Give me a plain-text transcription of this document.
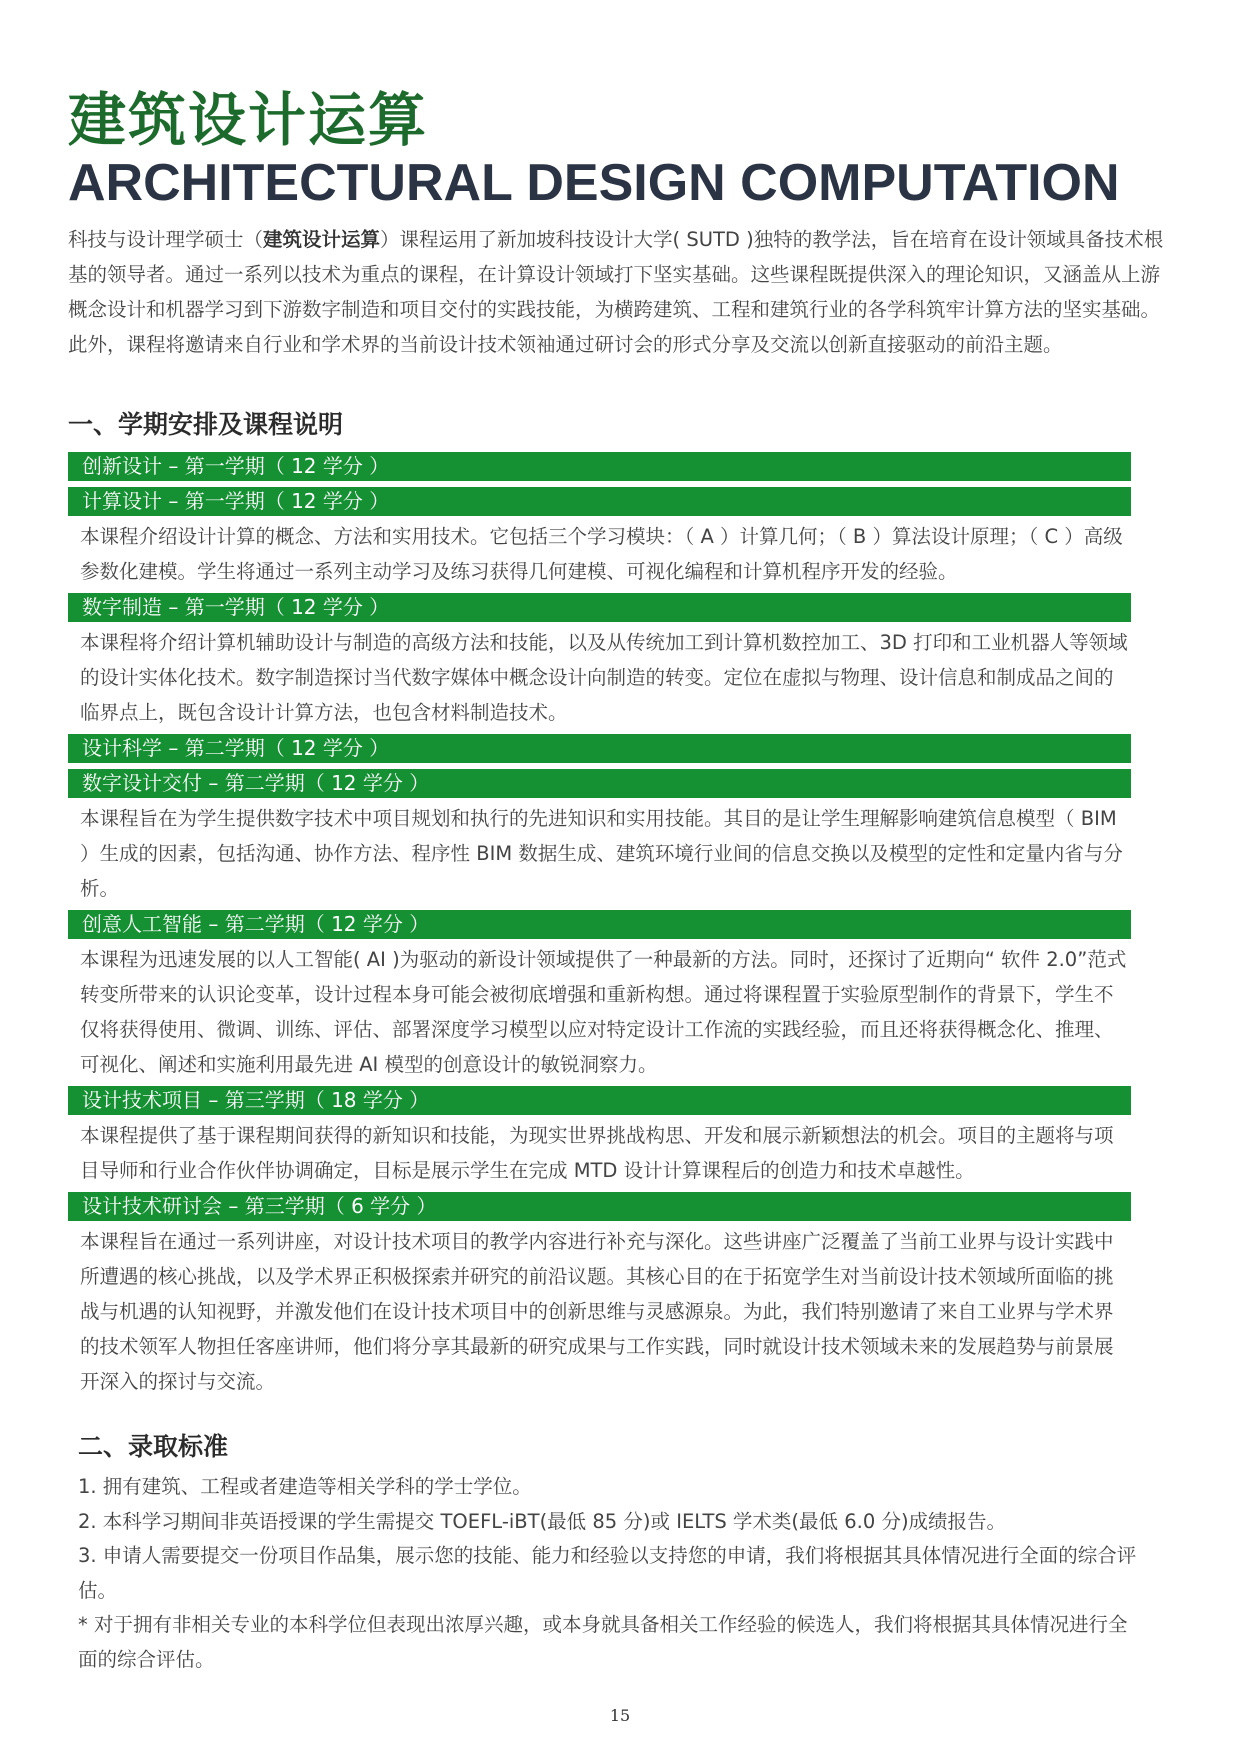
建筑设计运算
ARCHITECTURAL DESIGN COMPUTATION

科技与设计理学硕士（建筑设计运算）课程运用了新加坡科技设计大学( SUTD )独特的教学法，旨在培育在设计领域具备技术根基的领导者。通过一系列以技术为重点的课程，在计算设计领域打下坚实基础。这些课程既提供深入的理论知识，又涵盖从上游概念设计和机器学习到下游数字制造和项目交付的实践技能，为横跨建筑、工程和建筑行业的各学科筑牢计算方法的坚实基础。此外，课程将邀请来自行业和学术界的当前设计技术领袖通过研讨会的形式分享及交流以创新直接驱动的前沿主题。

一、学期安排及课程说明
创新设计 – 第一学期（ 12 学分 ）
计算设计 – 第一学期（ 12 学分 ）
本课程介绍设计计算的概念、方法和实用技术。它包括三个学习模块：（ A ）计算几何；（ B ）算法设计原理；（ C ）高级参数化建模。学生将通过一系列主动学习及练习获得几何建模、可视化编程和计算机程序开发的经验。
数字制造 – 第一学期（ 12 学分 ）
本课程将介绍计算机辅助设计与制造的高级方法和技能，以及从传统加工到计算机数控加工、3D 打印和工业机器人等领域的设计实体化技术。数字制造探讨当代数字媒体中概念设计向制造的转变。定位在虚拟与物理、设计信息和制成品之间的临界点上，既包含设计计算方法，也包含材料制造技术。
设计科学 – 第二学期（ 12 学分 ）
数字设计交付 – 第二学期（ 12 学分 ）
本课程旨在为学生提供数字技术中项目规划和执行的先进知识和实用技能。其目的是让学生理解影响建筑信息模型（ BIM ）生成的因素，包括沟通、协作方法、程序性 BIM 数据生成、建筑环境行业间的信息交换以及模型的定性和定量内省与分析。
创意人工智能 – 第二学期（ 12 学分 ）
本课程为迅速发展的以人工智能( AI )为驱动的新设计领域提供了一种最新的方法。同时，还探讨了近期向“ 软件 2.0”范式转变所带来的认识论变革，设计过程本身可能会被彻底增强和重新构想。通过将课程置于实验原型制作的背景下，学生不仅将获得使用、微调、训练、评估、部署深度学习模型以应对特定设计工作流的实践经验，而且还将获得概念化、推理、可视化、阐述和实施利用最先进 AI 模型的创意设计的敏锐洞察力。
设计技术项目 – 第三学期（ 18 学分 ）
本课程提供了基于课程期间获得的新知识和技能，为现实世界挑战构思、开发和展示新颖想法的机会。项目的主题将与项目导师和行业合作伙伴协调确定，目标是展示学生在完成 MTD 设计计算课程后的创造力和技术卓越性。
设计技术研讨会 – 第三学期（ 6 学分 ）
本课程旨在通过一系列讲座，对设计技术项目的教学内容进行补充与深化。这些讲座广泛覆盖了当前工业界与设计实践中所遭遇的核心挑战，以及学术界正积极探索并研究的前沿议题。其核心目的在于拓宽学生对当前设计技术领域所面临的挑战与机遇的认知视野，并激发他们在设计技术项目中的创新思维与灵感源泉。为此，我们特别邀请了来自工业界与学术界的技术领军人物担任客座讲师，他们将分享其最新的研究成果与工作实践，同时就设计技术领域未来的发展趋势与前景展开深入的探讨与交流。
二、录取标准
1. 拥有建筑、工程或者建造等相关学科的学士学位。
2. 本科学习期间非英语授课的学生需提交 TOEFL-iBT(最低 85 分)或 IELTS 学术类(最低 6.0 分)成绩报告。
3. 申请人需要提交一份项目作品集，展示您的技能、能力和经验以支持您的申请，我们将根据其具体情况进行全面的综合评估。
* 对于拥有非相关专业的本科学位但表现出浓厚兴趣，或本身就具备相关工作经验的候选人，我们将根据其具体情况进行全面的综合评估。
15
